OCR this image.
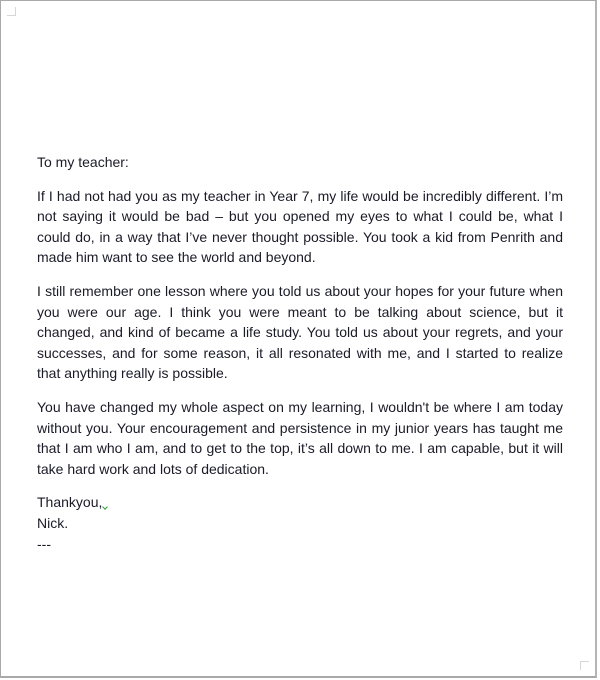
To my teacher:

If I had not had you as my teacher in Year 7, my life would be incredibly different. I’m not saying it would be bad – but you opened my eyes to what I could be, what I could do, in a way that I’ve never thought possible. You took a kid from Penrith and made him want to see the world and beyond.

I still remember one lesson where you told us about your hopes for your future when you were our age. I think you were meant to be talking about science, but it changed, and kind of became a life study. You told us about your regrets, and your successes, and for some reason, it all resonated with me, and I started to realize that anything really is possible.

You have changed my whole aspect on my learning, I wouldn't be where I am today without you. Your encouragement and persistence in my junior years has taught me that I am who I am, and to get to the top, it’s all down to me. I am capable, but it will take hard work and lots of dedication.

Thankyou,

Nick.

---
